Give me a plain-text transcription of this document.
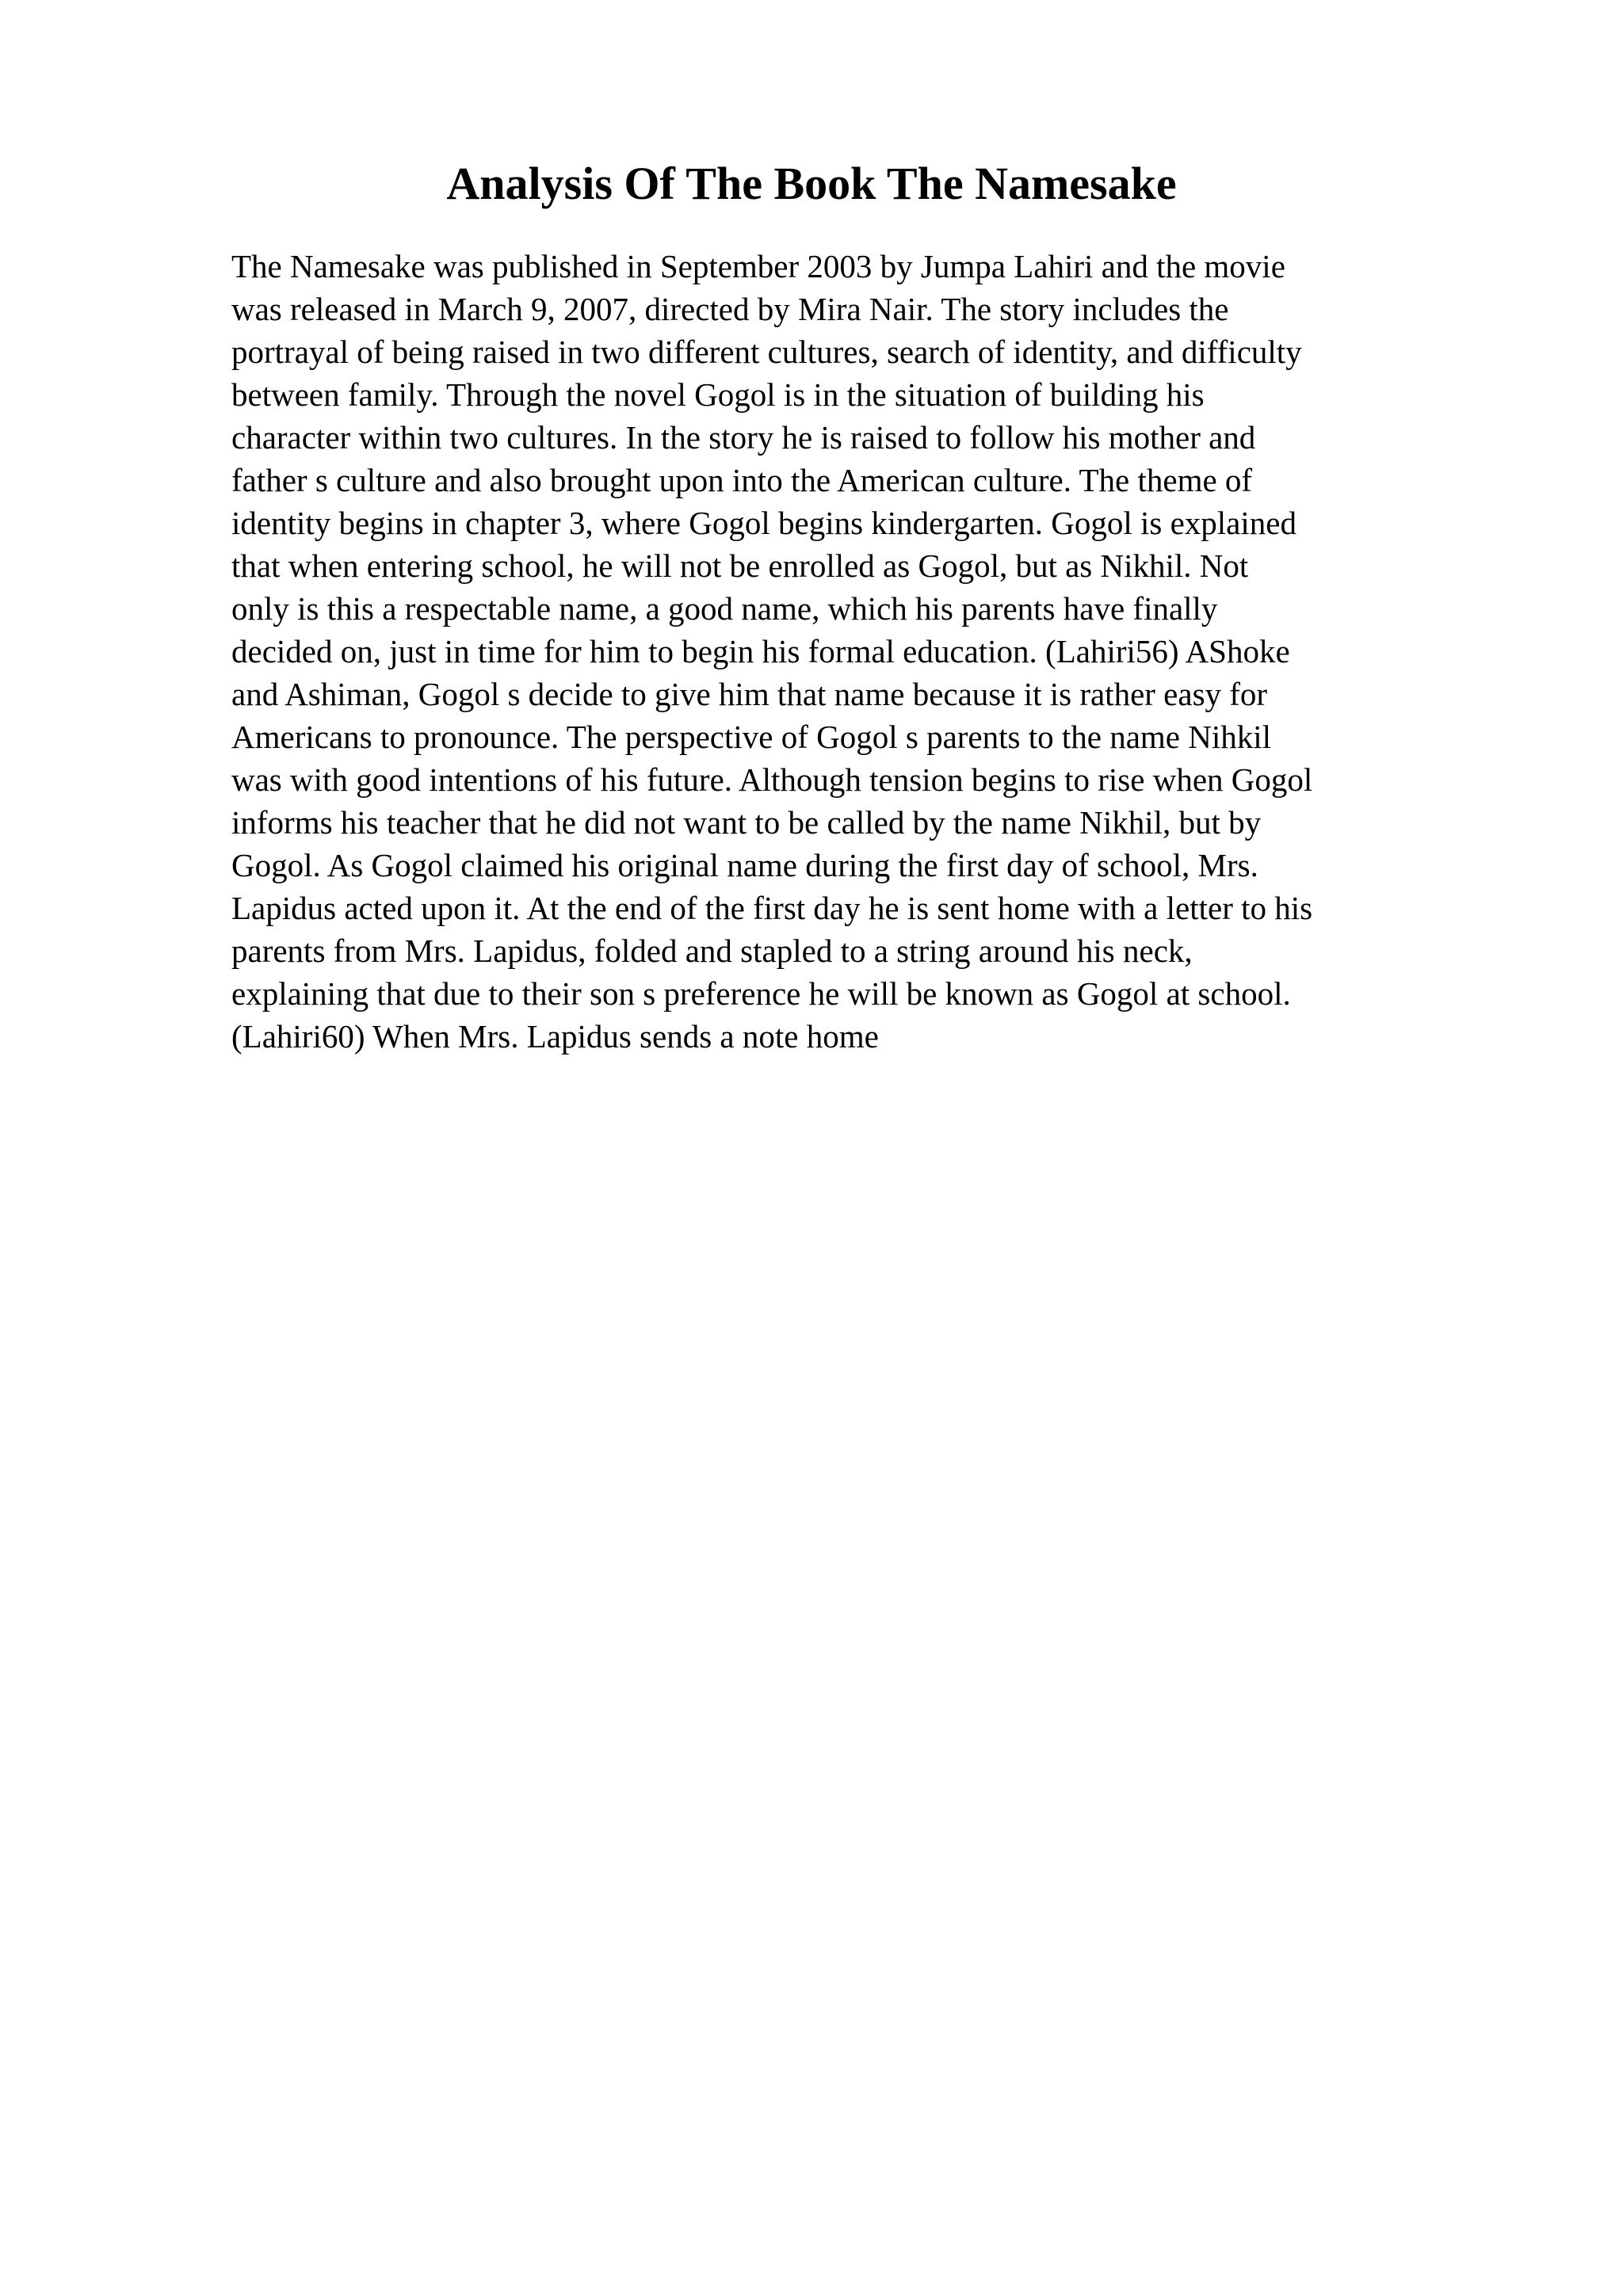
Analysis Of The Book The Namesake
The Namesake was published in September 2003 by Jumpa Lahiri and the movie
was released in March 9, 2007, directed by Mira Nair. The story includes the
portrayal of being raised in two different cultures, search of identity, and difficulty
between family. Through the novel Gogol is in the situation of building his
character within two cultures. In the story he is raised to follow his mother and
father s culture and also brought upon into the American culture. The theme of
identity begins in chapter 3, where Gogol begins kindergarten. Gogol is explained
that when entering school, he will not be enrolled as Gogol, but as Nikhil. Not
only is this a respectable name, a good name, which his parents have finally
decided on, just in time for him to begin his formal education. (Lahiri56) AShoke
and Ashiman, Gogol s decide to give him that name because it is rather easy for
Americans to pronounce. The perspective of Gogol s parents to the name Nihkil
was with good intentions of his future. Although tension begins to rise when Gogol
informs his teacher that he did not want to be called by the name Nikhil, but by
Gogol. As Gogol claimed his original name during the first day of school, Mrs.
Lapidus acted upon it. At the end of the first day he is sent home with a letter to his
parents from Mrs. Lapidus, folded and stapled to a string around his neck,
explaining that due to their son s preference he will be known as Gogol at school.
(Lahiri60) When Mrs. Lapidus sends a note home
